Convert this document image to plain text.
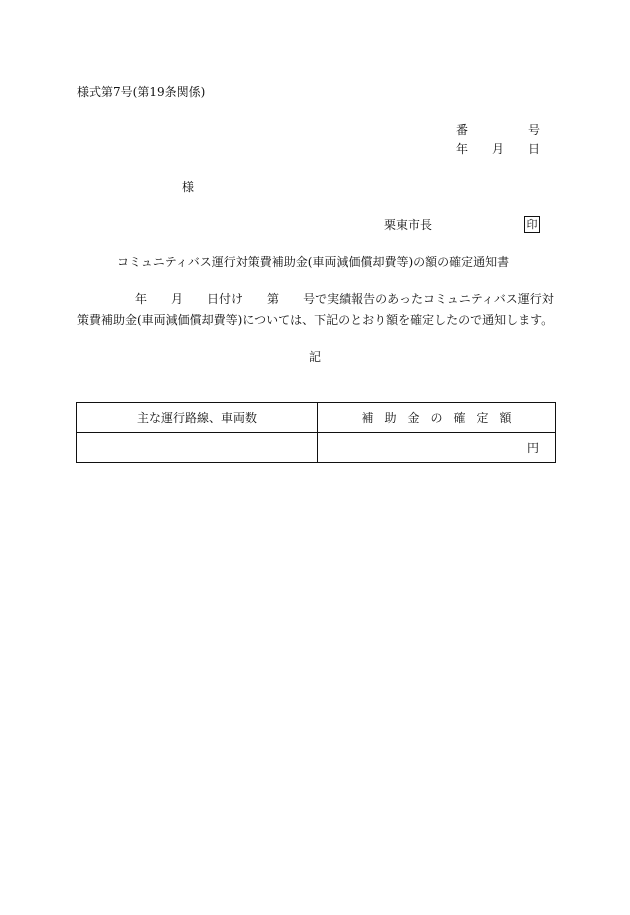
様式第7号(第19条関係)
番	号
年 月 日
様
栗東市長	印
コミュニティバス運行対策費補助金(車両減価償却費等)の額の確定通知書
年 月 日付け 第 号で実績報告のあったコミュニティバス運行対
策費補助金(車両減価償却費等)については、下記のとおり額を確定したので通知します。
記
主な運行路線、車両数	補助金の確定額
	円
